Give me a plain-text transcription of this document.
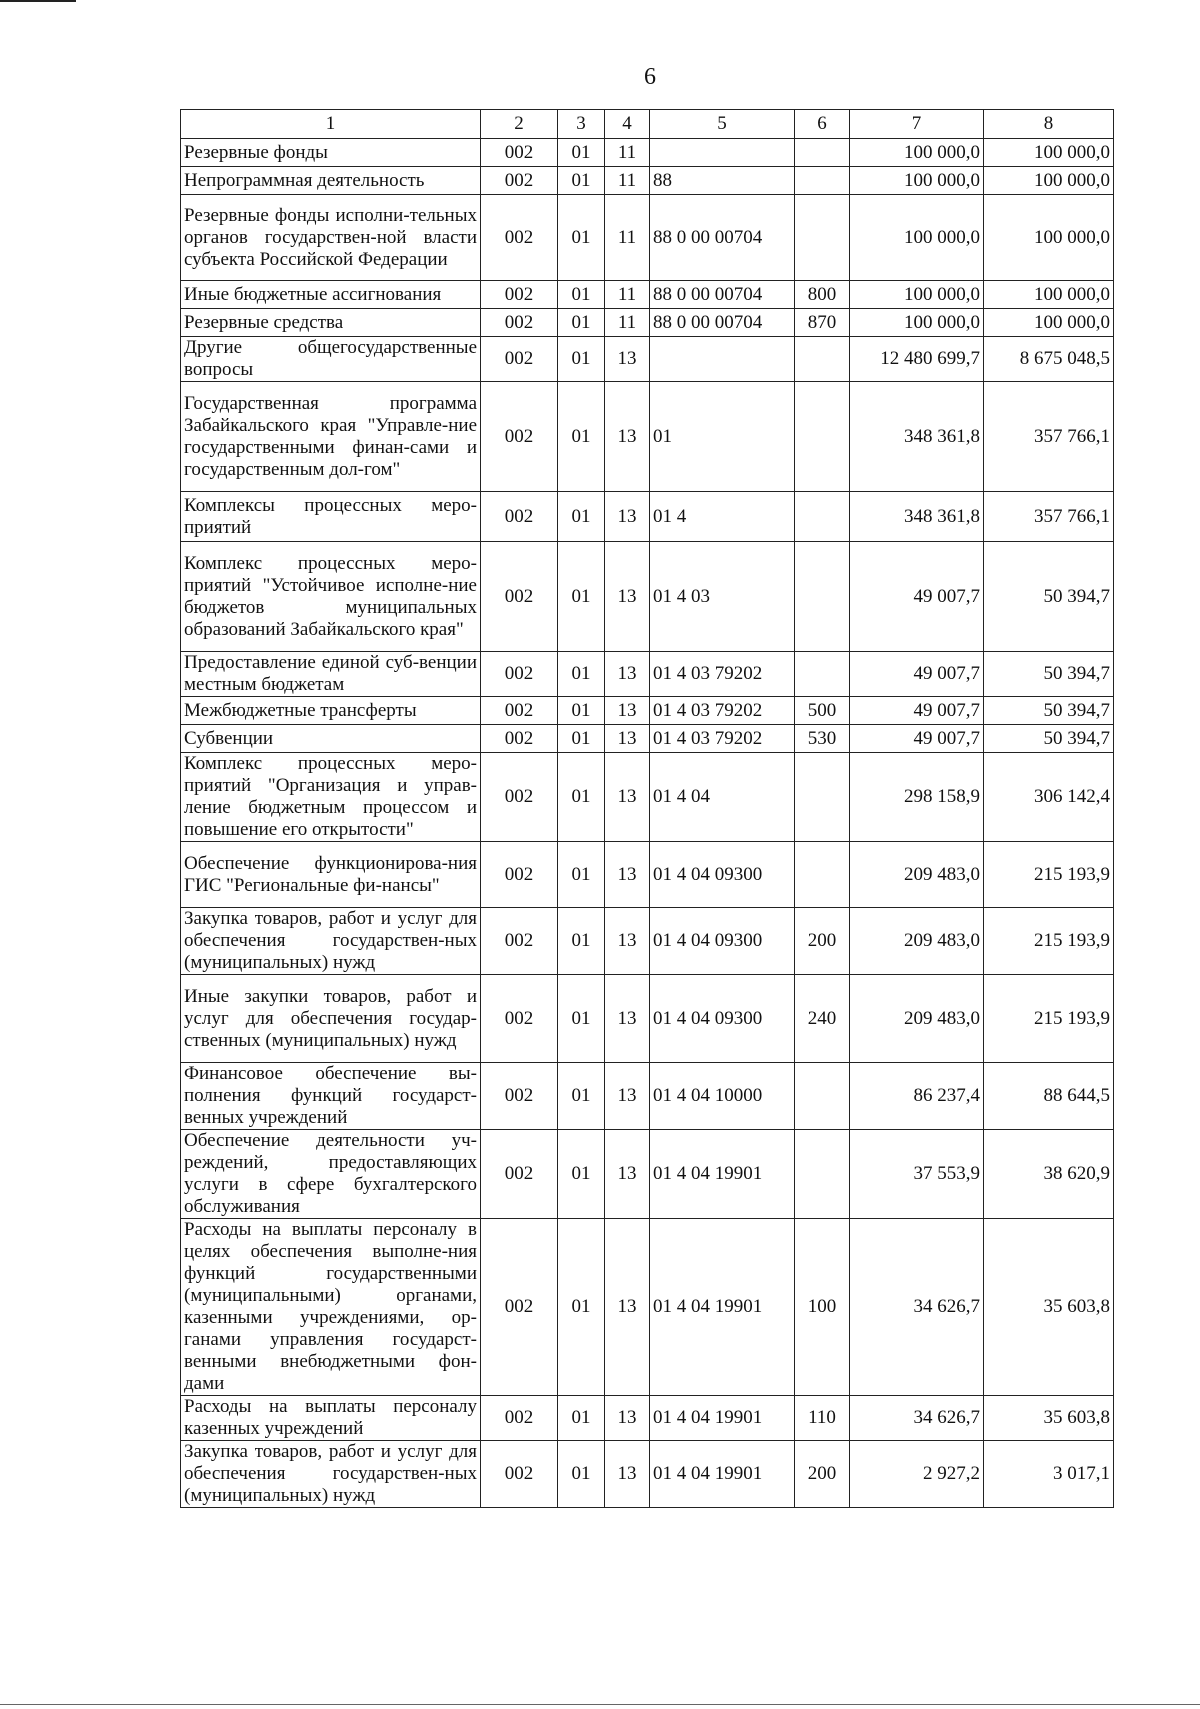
6
1	2	3	4	5	6	7	8
Резервные фонды	002	01	11			100 000,0	100 000,0
Непрограммная деятельность	002	01	11	88		100 000,0	100 000,0
Резервные фонды исполни-тельных органов государствен-ной власти субъекта Российской Федерации	002	01	11	88 0 00 00704		100 000,0	100 000,0
Иные бюджетные ассигнования	002	01	11	88 0 00 00704	800	100 000,0	100 000,0
Резервные средства	002	01	11	88 0 00 00704	870	100 000,0	100 000,0
Другие общегосударственные вопросы	002	01	13			12 480 699,7	8 675 048,5
Государственная программа Забайкальского края "Управле-ние государственными финан-сами и государственным дол-гом"	002	01	13	01		348 361,8	357 766,1
Комплексы процессных меро-приятий	002	01	13	01 4		348 361,8	357 766,1
Комплекс процессных меро-приятий "Устойчивое исполне-ние бюджетов муниципальных образований Забайкальского края"	002	01	13	01 4 03		49 007,7	50 394,7
Предоставление единой суб-венции местным бюджетам	002	01	13	01 4 03 79202		49 007,7	50 394,7
Межбюджетные трансферты	002	01	13	01 4 03 79202	500	49 007,7	50 394,7
Субвенции	002	01	13	01 4 03 79202	530	49 007,7	50 394,7
Комплекс процессных меро-приятий "Организация и управ-ление бюджетным процессом и повышение его открытости"	002	01	13	01 4 04		298 158,9	306 142,4
Обеспечение функционирова-ния ГИС "Региональные фи-нансы"	002	01	13	01 4 04 09300		209 483,0	215 193,9
Закупка товаров, работ и услуг для обеспечения государствен-ных (муниципальных) нужд	002	01	13	01 4 04 09300	200	209 483,0	215 193,9
Иные закупки товаров, работ и услуг для обеспечения государ-ственных (муниципальных) нужд	002	01	13	01 4 04 09300	240	209 483,0	215 193,9
Финансовое обеспечение вы-полнения функций государст-венных учреждений	002	01	13	01 4 04 10000		86 237,4	88 644,5
Обеспечение деятельности уч-реждений, предоставляющих услуги в сфере бухгалтерского обслуживания	002	01	13	01 4 04 19901		37 553,9	38 620,9
Расходы на выплаты персоналу в целях обеспечения выполне-ния функций государственными (муниципальными) органами, казенными учреждениями, ор-ганами управления государст-венными внебюджетными фон-дами	002	01	13	01 4 04 19901	100	34 626,7	35 603,8
Расходы на выплаты персоналу казенных учреждений	002	01	13	01 4 04 19901	110	34 626,7	35 603,8
Закупка товаров, работ и услуг для обеспечения государствен-ных (муниципальных) нужд	002	01	13	01 4 04 19901	200	2 927,2	3 017,1
